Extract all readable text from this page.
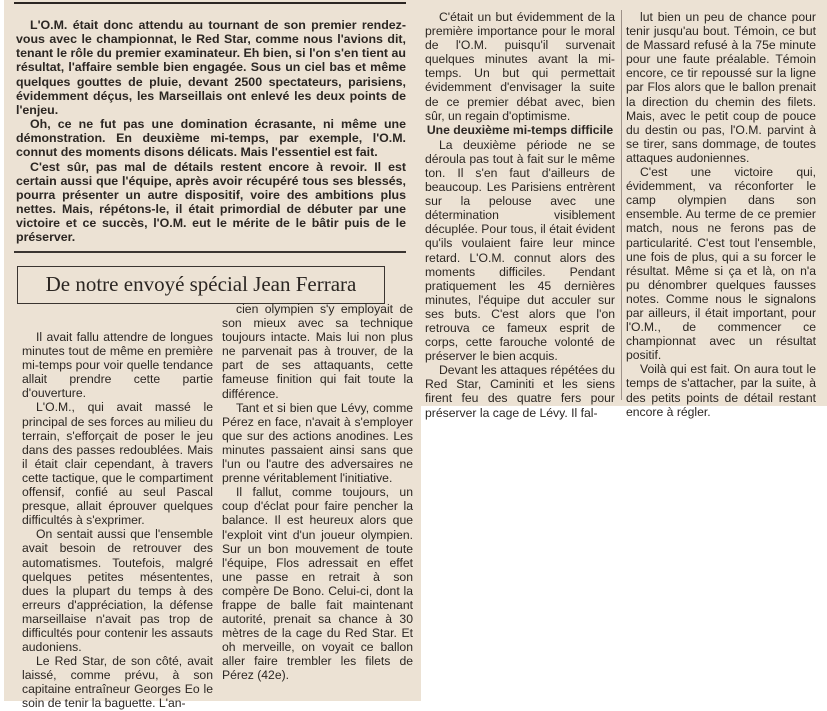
L'O.M. était donc attendu au tournant de son premier rendez-vous avec le championnat, le Red Star, comme nous l'avions dit, tenant le rôle du premier examinateur. Eh bien, si l'on s'en tient au résultat, l'affaire semble bien engagée. Sous un ciel bas et même quelques gouttes de pluie, devant 2500 spectateurs, parisiens, évidemment déçus, les Marseillais ont enlevé les deux points de l'enjeu.

Oh, ce ne fut pas une domination écrasante, ni même une démonstration. En deuxième mi-temps, par exemple, l'O.M. connut des moments disons délicats. Mais l'essentiel est fait.

C'est sûr, pas mal de détails restent encore à revoir. Il est certain aussi que l'équipe, après avoir récupéré tous ses blessés, pourra présenter un autre dispositif, voire des ambitions plus nettes. Mais, répétons-le, il était primordial de débuter par une victoire et ce succès, l'O.M. eut le mérite de le bâtir puis de le préserver.

De notre envoyé spécial Jean Ferrara

Il avait fallu attendre de longues minutes tout de même en première mi-temps pour voir quelle tendance allait prendre cette partie d'ouverture.

L'O.M., qui avait massé le principal de ses forces au milieu du terrain, s'efforçait de poser le jeu dans des passes redoublées. Mais il était clair cependant, à travers cette tactique, que le compartiment offensif, confié au seul Pascal presque, allait éprouver quelques difficultés à s'exprimer.

On sentait aussi que l'ensemble avait besoin de retrouver des automatismes. Toutefois, malgré quelques petites mésententes, dues la plupart du temps à des erreurs d'appréciation, la défense marseillaise n'avait pas trop de difficultés pour contenir les assauts audoniens.

Le Red Star, de son côté, avait laissé, comme prévu, à son capitaine entraîneur Georges Eo le soin de tenir la baguette. L'an-

cien olympien s'y employait de son mieux avec sa technique toujours intacte. Mais lui non plus ne parvenait pas à trouver, de la part de ses attaquants, cette fameuse finition qui fait toute la différence.

Tant et si bien que Lévy, comme Pérez en face, n'avait à s'employer que sur des actions anodines. Les minutes passaient ainsi sans que l'un ou l'autre des adversaires ne prenne véritablement l'initiative.

Il fallut, comme toujours, un coup d'éclat pour faire pencher la balance. Il est heureux alors que l'exploit vint d'un joueur olympien. Sur un bon mouvement de toute l'équipe, Flos adressait en effet une passe en retrait à son compère De Bono. Celui-ci, dont la frappe de balle fait maintenant autorité, prenait sa chance à 30 mètres de la cage du Red Star. Et oh merveille, on voyait ce ballon aller faire trembler les filets de Pérez (42e).

C'était un but évidemment de la première importance pour le moral de l'O.M. puisqu'il survenait quelques minutes avant la mi-temps. Un but qui permettait évidemment d'envisager la suite de ce premier débat avec, bien sûr, un regain d'optimisme.

Une deuxième mi-temps difficile

La deuxième période ne se déroula pas tout à fait sur le même ton. Il s'en faut d'ailleurs de beaucoup. Les Parisiens entrèrent sur la pelouse avec une détermination visiblement décuplée. Pour tous, il était évident qu'ils voulaient faire leur mince retard. L'O.M. connut alors des moments difficiles. Pendant pratiquement les 45 dernières minutes, l'équipe dut acculer sur ses buts. C'est alors que l'on retrouva ce fameux esprit de corps, cette farouche volonté de préserver le bien acquis.

Devant les attaques répétées du Red Star, Caminiti et les siens firent feu des quatre fers pour préserver la cage de Lévy. Il fal-

lut bien un peu de chance pour tenir jusqu'au bout. Témoin, ce but de Massard refusé à la 75e minute pour une faute préalable. Témoin encore, ce tir repoussé sur la ligne par Flos alors que le ballon prenait la direction du chemin des filets. Mais, avec le petit coup de pouce du destin ou pas, l'O.M. parvint à se tirer, sans dommage, de toutes attaques audoniennes.

C'est une victoire qui, évidemment, va réconforter le camp olympien dans son ensemble. Au terme de ce premier match, nous ne ferons pas de particularité. C'est tout l'ensemble, une fois de plus, qui a su forcer le résultat. Même si ça et là, on n'a pu dénombrer quelques fausses notes. Comme nous le signalons par ailleurs, il était important, pour l'O.M., de commencer ce championnat avec un résultat positif.

Voilà qui est fait. On aura tout le temps de s'attacher, par la suite, à des petits points de détail restant encore à régler.
